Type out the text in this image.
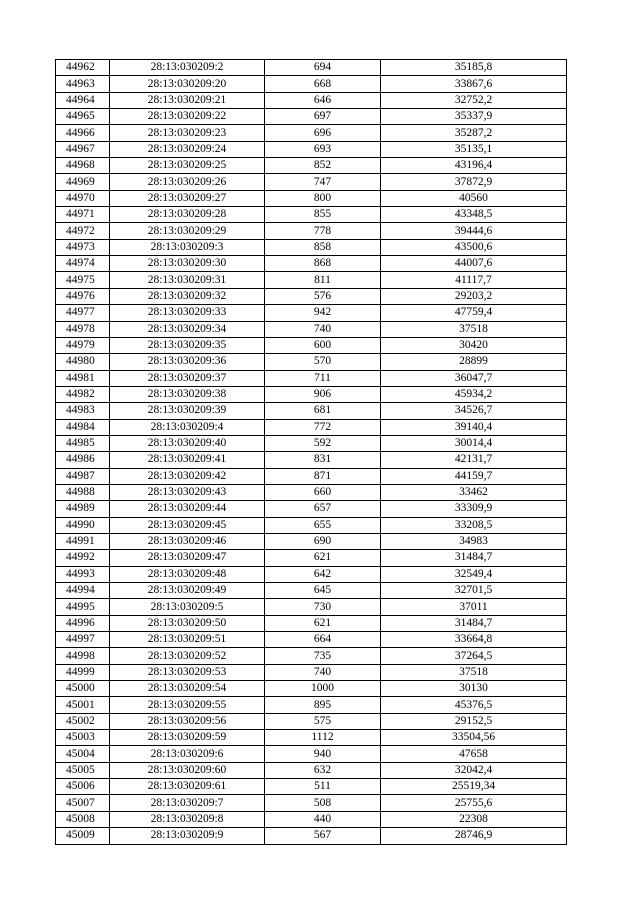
44962	28:13:030209:2	694	35185,8
44963	28:13:030209:20	668	33867,6
44964	28:13:030209:21	646	32752,2
44965	28:13:030209:22	697	35337,9
44966	28:13:030209:23	696	35287,2
44967	28:13:030209:24	693	35135,1
44968	28:13:030209:25	852	43196,4
44969	28:13:030209:26	747	37872,9
44970	28:13:030209:27	800	40560
44971	28:13:030209:28	855	43348,5
44972	28:13:030209:29	778	39444,6
44973	28:13:030209:3	858	43500,6
44974	28:13:030209:30	868	44007,6
44975	28:13:030209:31	811	41117,7
44976	28:13:030209:32	576	29203,2
44977	28:13:030209:33	942	47759,4
44978	28:13:030209:34	740	37518
44979	28:13:030209:35	600	30420
44980	28:13:030209:36	570	28899
44981	28:13:030209:37	711	36047,7
44982	28:13:030209:38	906	45934,2
44983	28:13:030209:39	681	34526,7
44984	28:13:030209:4	772	39140,4
44985	28:13:030209:40	592	30014,4
44986	28:13:030209:41	831	42131,7
44987	28:13:030209:42	871	44159,7
44988	28:13:030209:43	660	33462
44989	28:13:030209:44	657	33309,9
44990	28:13:030209:45	655	33208,5
44991	28:13:030209:46	690	34983
44992	28:13:030209:47	621	31484,7
44993	28:13:030209:48	642	32549,4
44994	28:13:030209:49	645	32701,5
44995	28:13:030209:5	730	37011
44996	28:13:030209:50	621	31484,7
44997	28:13:030209:51	664	33664,8
44998	28:13:030209:52	735	37264,5
44999	28:13:030209:53	740	37518
45000	28:13:030209:54	1000	30130
45001	28:13:030209:55	895	45376,5
45002	28:13:030209:56	575	29152,5
45003	28:13:030209:59	1112	33504,56
45004	28:13:030209:6	940	47658
45005	28:13:030209:60	632	32042,4
45006	28:13:030209:61	511	25519,34
45007	28:13:030209:7	508	25755,6
45008	28:13:030209:8	440	22308
45009	28:13:030209:9	567	28746,9
